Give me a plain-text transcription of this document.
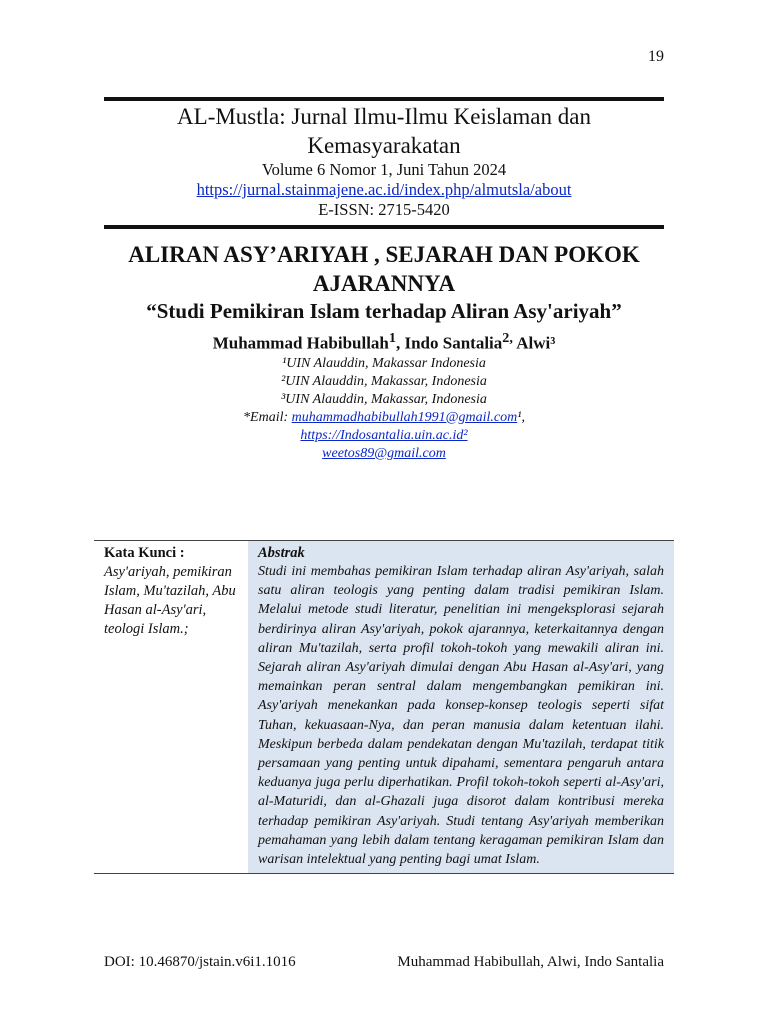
19
AL-Mustla: Jurnal Ilmu-Ilmu Keislaman dan Kemasyarakatan
Volume 6 Nomor 1, Juni Tahun 2024
https://jurnal.stainmajene.ac.id/index.php/almutsla/about
E-ISSN: 2715-5420
ALIRAN ASY’ARIYAH , SEJARAH DAN POKOK AJARANNYA
“Studi Pemikiran Islam terhadap Aliran Asy'ariyah”
Muhammad Habibullah$^1$, Indo Santalia$^{2,}$ Alwi³
¹UIN Alauddin, Makassar Indonesia
²UIN Alauddin, Makassar, Indonesia
³UIN Alauddin, Makassar, Indonesia
*Email: muhammadhabibullah1991@gmail.com¹,
https://Indosantalia.uin.ac.id²
weetos89@gmail.com
Kata Kunci :
Asy'ariyah, pemikiran Islam, Mu'tazilah, Abu Hasan al-Asy'ari, teologi Islam.;
Abstrak

Studi ini membahas pemikiran Islam terhadap aliran Asy'ariyah, salah satu aliran teologis yang penting dalam tradisi pemikiran Islam. Melalui metode studi literatur, penelitian ini mengeksplorasi sejarah berdirinya aliran Asy'ariyah, pokok ajarannya, keterkaitannya dengan aliran Mu'tazilah, serta profil tokoh-tokoh yang mewakili aliran ini. Sejarah aliran Asy'ariyah dimulai dengan Abu Hasan al-Asy'ari, yang memainkan peran sentral dalam mengembangkan pemikiran ini. Asy'ariyah menekankan pada konsep-konsep teologis seperti sifat Tuhan, kekuasaan-Nya, dan peran manusia dalam ketentuan ilahi. Meskipun berbeda dalam pendekatan dengan Mu'tazilah, terdapat titik persamaan yang penting untuk dipahami, sementara pengaruh antara keduanya juga perlu diperhatikan. Profil tokoh-tokoh seperti al-Asy'ari, al-Maturidi, dan al-Ghazali juga disorot dalam kontribusi mereka terhadap pemikiran Asy'ariyah. Studi tentang Asy'ariyah memberikan pemahaman yang lebih dalam tentang keragaman pemikiran Islam dan warisan intelektual yang penting bagi umat Islam.

DOI: 10.46870/jstain.v6i1.1016	Muhammad Habibullah, Alwi, Indo Santalia
